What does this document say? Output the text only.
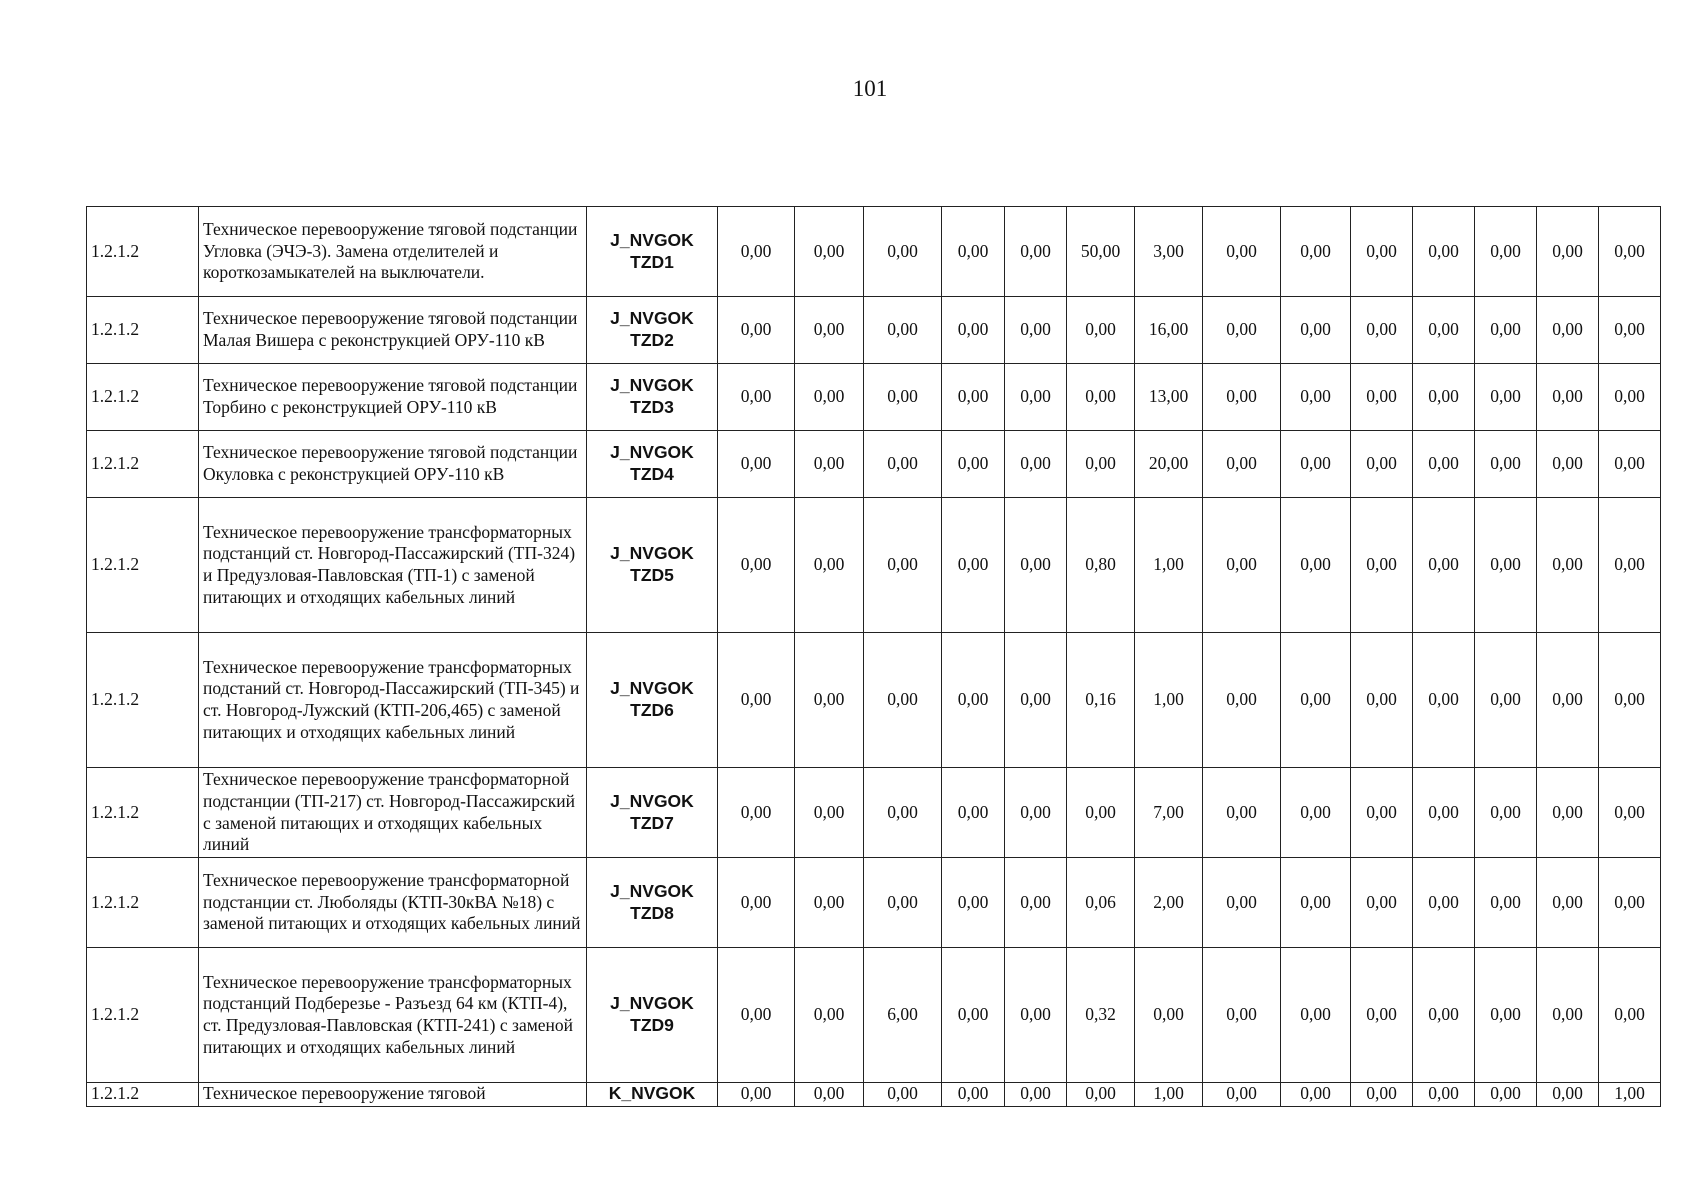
101
1.2.1.2	Техническое перевооружение тяговой подстанции Угловка (ЭЧЭ-3). Замена отделителей и короткозамыкателей на выключатели.	J_NVGOK TZD1	0,00	0,00	0,00	0,00	0,00	50,00	3,00	0,00	0,00	0,00	0,00	0,00	0,00	0,00
1.2.1.2	Техническое перевооружение тяговой подстанции Малая Вишера с реконструкцией ОРУ-110 кВ	J_NVGOK TZD2	0,00	0,00	0,00	0,00	0,00	0,00	16,00	0,00	0,00	0,00	0,00	0,00	0,00	0,00
1.2.1.2	Техническое перевооружение тяговой подстанции Торбино с реконструкцией ОРУ-110 кВ	J_NVGOK TZD3	0,00	0,00	0,00	0,00	0,00	0,00	13,00	0,00	0,00	0,00	0,00	0,00	0,00	0,00
1.2.1.2	Техническое перевооружение тяговой подстанции Окуловка с реконструкцией ОРУ-110 кВ	J_NVGOK TZD4	0,00	0,00	0,00	0,00	0,00	0,00	20,00	0,00	0,00	0,00	0,00	0,00	0,00	0,00
1.2.1.2	Техническое перевооружение трансформаторных подстанций ст. Новгород-Пассажирский (ТП-324) и Предузловая-Павловская (ТП-1) с заменой питающих и отходящих кабельных линий	J_NVGOK TZD5	0,00	0,00	0,00	0,00	0,00	0,80	1,00	0,00	0,00	0,00	0,00	0,00	0,00	0,00
1.2.1.2	Техническое перевооружение трансформаторных подстаний ст. Новгород-Пассажирский (ТП-345) и ст. Новгород-Лужский (КТП-206,465) с заменой питающих и отходящих кабельных линий	J_NVGOK TZD6	0,00	0,00	0,00	0,00	0,00	0,16	1,00	0,00	0,00	0,00	0,00	0,00	0,00	0,00
1.2.1.2	Техническое перевооружение трансформаторной подстанции (ТП-217) ст. Новгород-Пассажирский с заменой питающих и отходящих кабельных линий	J_NVGOK TZD7	0,00	0,00	0,00	0,00	0,00	0,00	7,00	0,00	0,00	0,00	0,00	0,00	0,00	0,00
1.2.1.2	Техническое перевооружение трансформаторной подстанции ст. Люболяды (КТП-30кВА №18) с заменой питающих и отходящих кабельных линий	J_NVGOK TZD8	0,00	0,00	0,00	0,00	0,00	0,06	2,00	0,00	0,00	0,00	0,00	0,00	0,00	0,00
1.2.1.2	Техническое перевооружение трансформаторных подстанций Подберезье - Разъезд 64 км (КТП-4), ст. Предузловая-Павловская (КТП-241) с заменой питающих и отходящих кабельных линий	J_NVGOK TZD9	0,00	0,00	6,00	0,00	0,00	0,32	0,00	0,00	0,00	0,00	0,00	0,00	0,00	0,00
1.2.1.2	Техническое перевооружение тяговой	K_NVGOK	0,00	0,00	0,00	0,00	0,00	0,00	1,00	0,00	0,00	0,00	0,00	0,00	0,00	1,00
